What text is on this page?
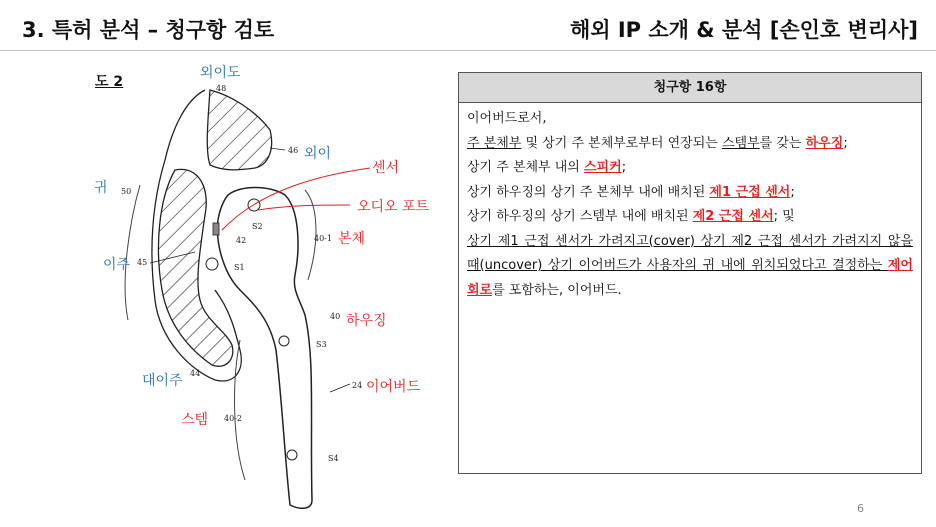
3. 특허 분석 – 청구항 검토	해외 IP 소개 & 분석 [손인호 변리사]
도 2
외이도
외이
귀
이주
대이주
센서
오디오 포트
본체
하우징
이어버드
스템
48
46
50
45
44
42	40-1
40
24
40-2
S1
S2
S3
S4
청구항 16항

이어버드로서,

주 본체부 및 상기 주 본체부로부터 연장되는 스템부를 갖는 하우징;

상기 주 본체부 내의 스피커;

상기 하우징의 상기 주 본체부 내에 배치된 제1 근접 센서;

상기 하우징의 상기 스템부 내에 배치된 제2 근접 센서; 및

상기 제1 근접 센서가 가려지고(cover) 상기 제2 근접 센서가 가려지지 않을 때(uncover) 상기 이어버드가 사용자의 귀 내에 위치되었다고 결정하는 제어 회로를 포함하는, 이어버드.

6
